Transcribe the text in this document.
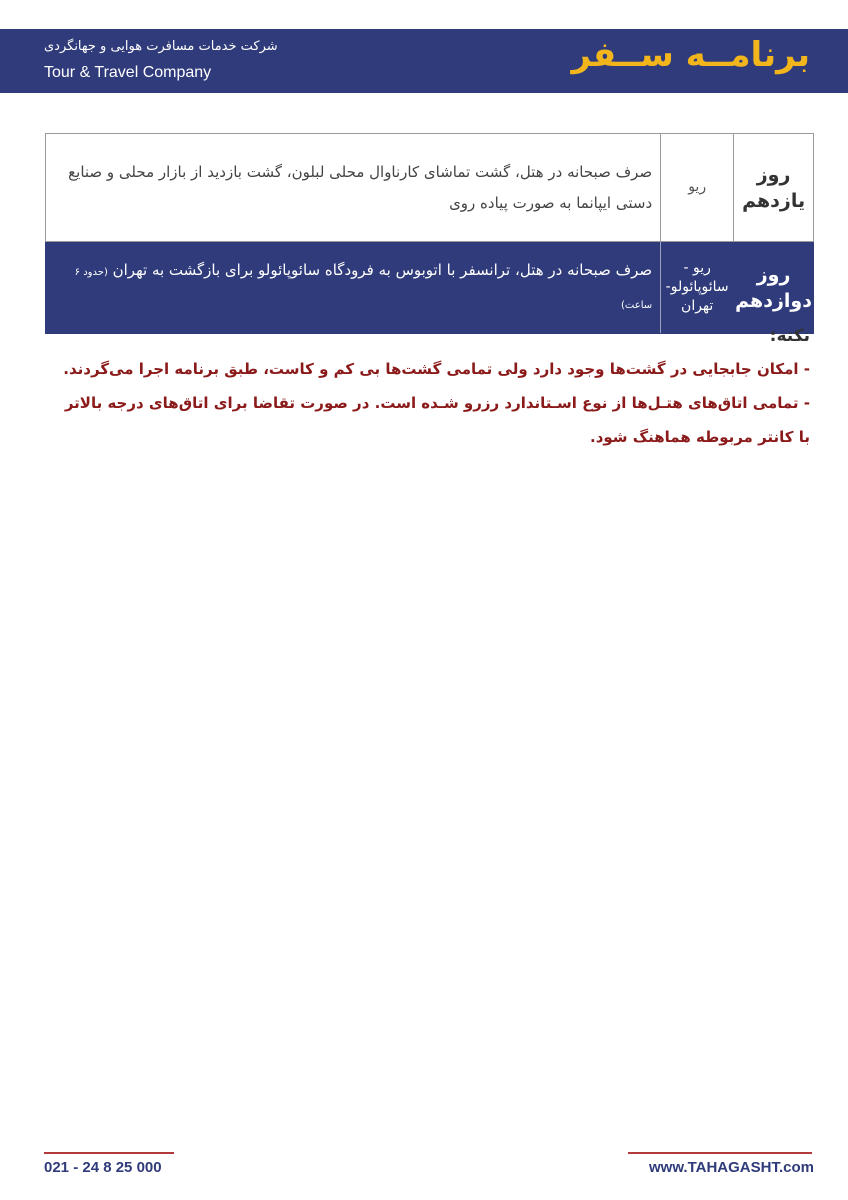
برنامــه ســفر
شرکت خدمات مسافرت هوایی و جهانگردی
Tour & Travel Company
روز یازدهم	ریو	صرف صبحانه در هتل، گشت تماشای کارناوال محلی لبلون، گشت بازدید از بازار محلی و صنایع دستی ایپانما به صورت پیاده روی
روز دوازدهم	ریو - سائوپائولو- تهران	صرف صبحانه در هتل، ترانسفر با اتوبوس به فرودگاه سائوپائولو برای بازگشت به تهران (حدود ۶ ساعت)
نکته:
- امکان جابجایی در گشت‌ها وجود دارد ولی تمامی گشت‌ها بی کم و کاست، طبق برنامه اجرا می‌گردند.
- تمامی اتاق‌های هتـل‌ها از نوع اسـتاندارد رزرو شـده است. در صورت تقاضا برای اتاق‌های درجه بالاتر با کانتر مربوطه هماهنگ شود.
021 - 24 8 25 000	www.TAHAGASHT.com
